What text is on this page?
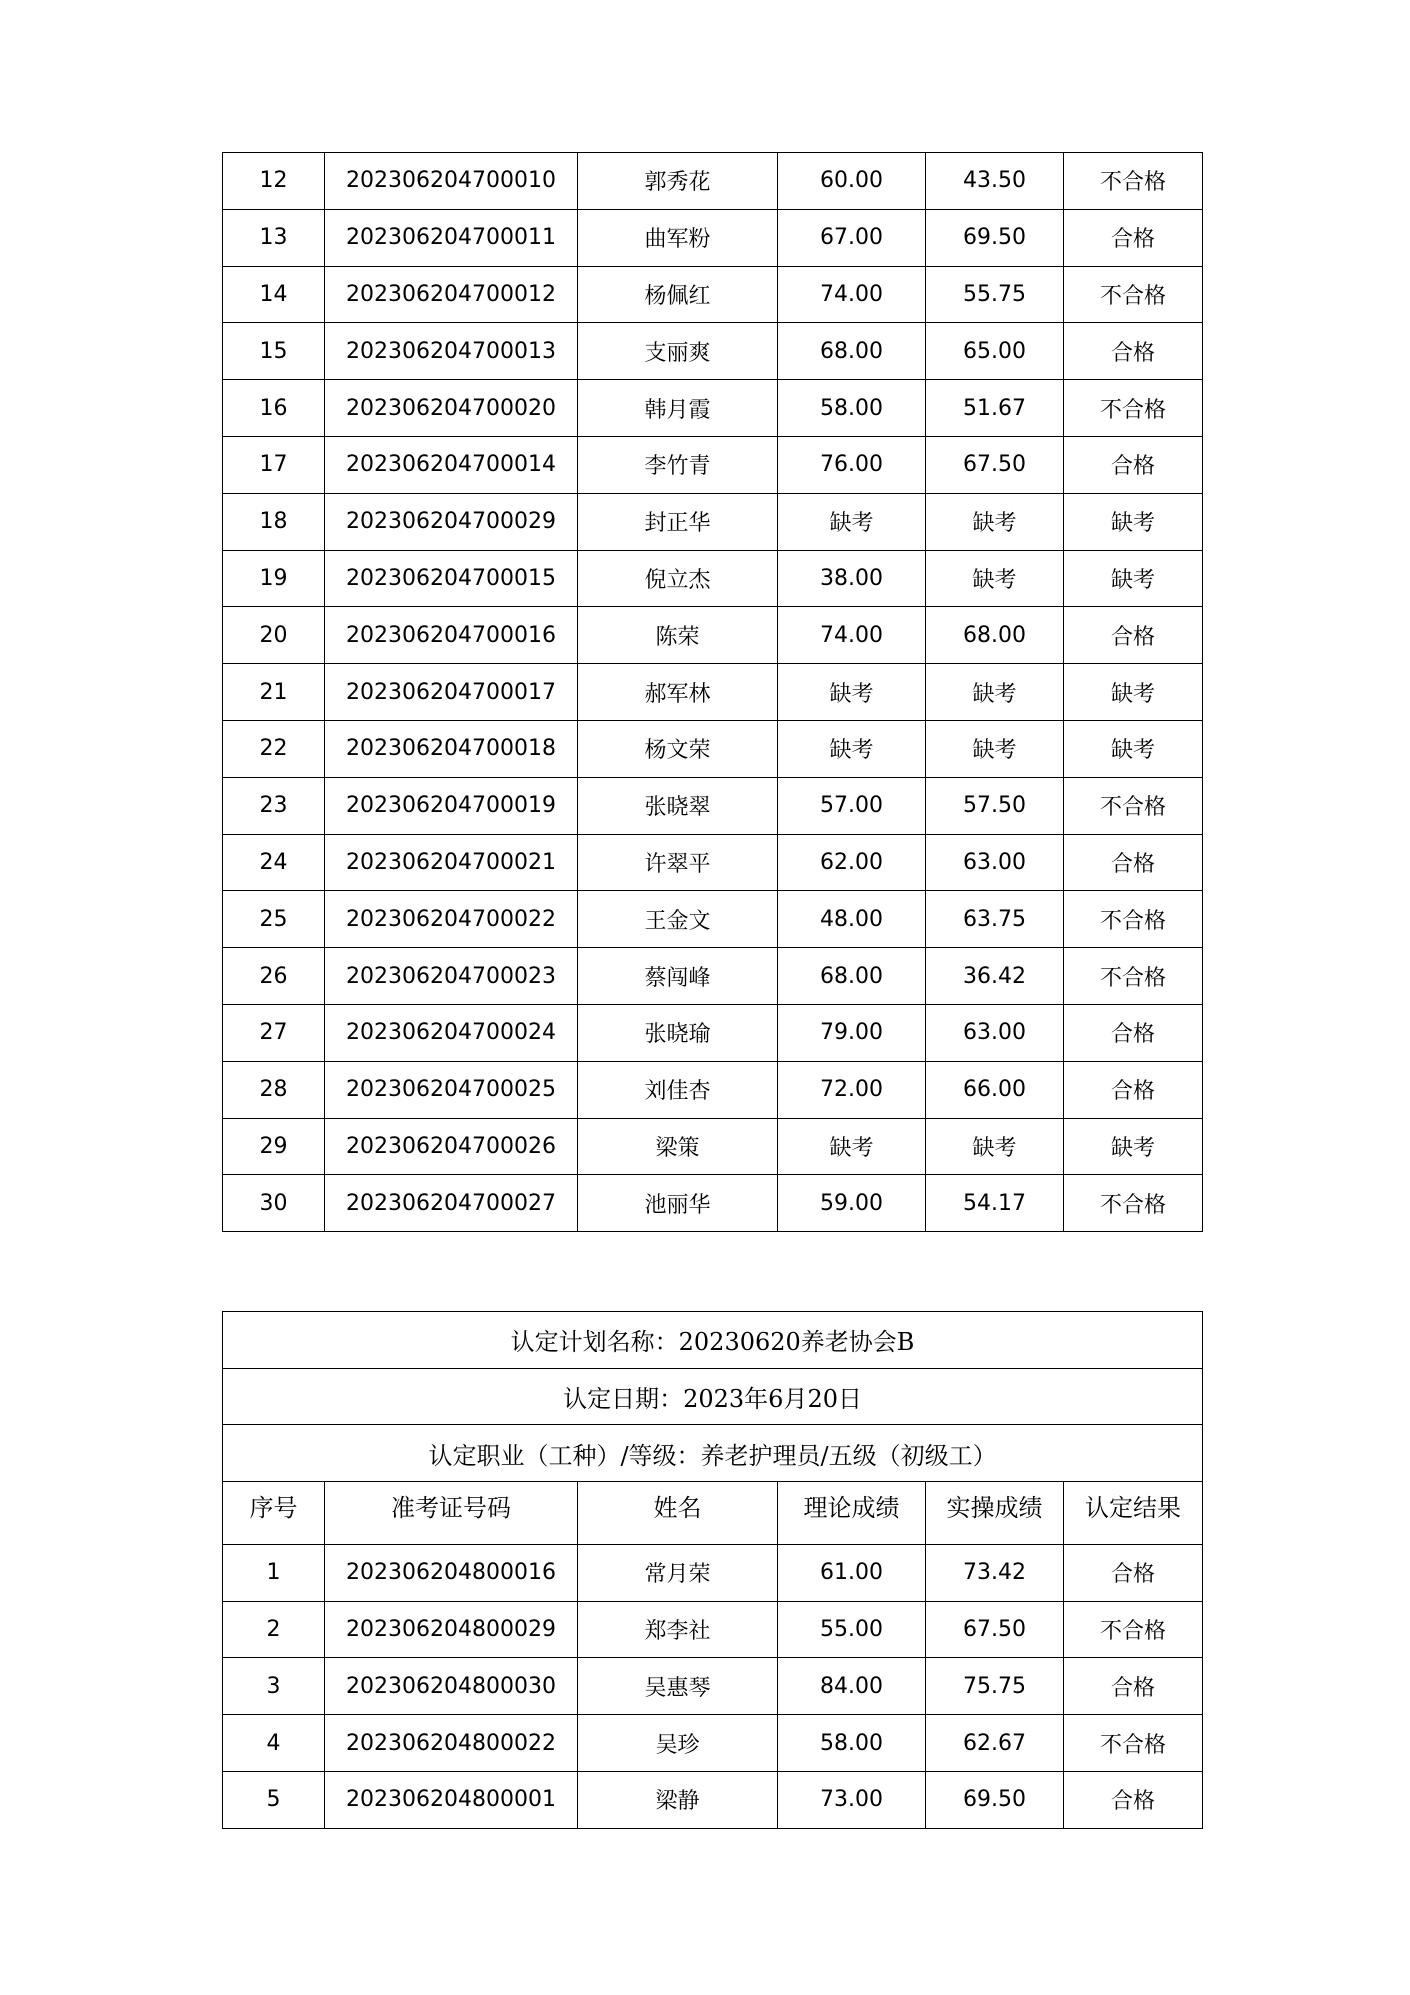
12	202306204700010	郭秀花	60.00	43.50	不合格
13	202306204700011	曲军粉	67.00	69.50	合格
14	202306204700012	杨佩红	74.00	55.75	不合格
15	202306204700013	支丽爽	68.00	65.00	合格
16	202306204700020	韩月霞	58.00	51.67	不合格
17	202306204700014	李竹青	76.00	67.50	合格
18	202306204700029	封正华	缺考	缺考	缺考
19	202306204700015	倪立杰	38.00	缺考	缺考
20	202306204700016	陈荣	74.00	68.00	合格
21	202306204700017	郝军林	缺考	缺考	缺考
22	202306204700018	杨文荣	缺考	缺考	缺考
23	202306204700019	张晓翠	57.00	57.50	不合格
24	202306204700021	许翠平	62.00	63.00	合格
25	202306204700022	王金文	48.00	63.75	不合格
26	202306204700023	蔡闯峰	68.00	36.42	不合格
27	202306204700024	张晓瑜	79.00	63.00	合格
28	202306204700025	刘佳杏	72.00	66.00	合格
29	202306204700026	梁策	缺考	缺考	缺考
30	202306204700027	池丽华	59.00	54.17	不合格
认定计划名称：20230620养老协会B					
认定日期：2023年6月20日					
认定职业（工种）/等级：养老护理员/五级（初级工）					
序号	准考证号码	姓名	理论成绩	实操成绩	认定结果
1	202306204800016	常月荣	61.00	73.42	合格
2	202306204800029	郑李社	55.00	67.50	不合格
3	202306204800030	吴惠琴	84.00	75.75	合格
4	202306204800022	吴珍	58.00	62.67	不合格
5	202306204800001	梁静	73.00	69.50	合格
